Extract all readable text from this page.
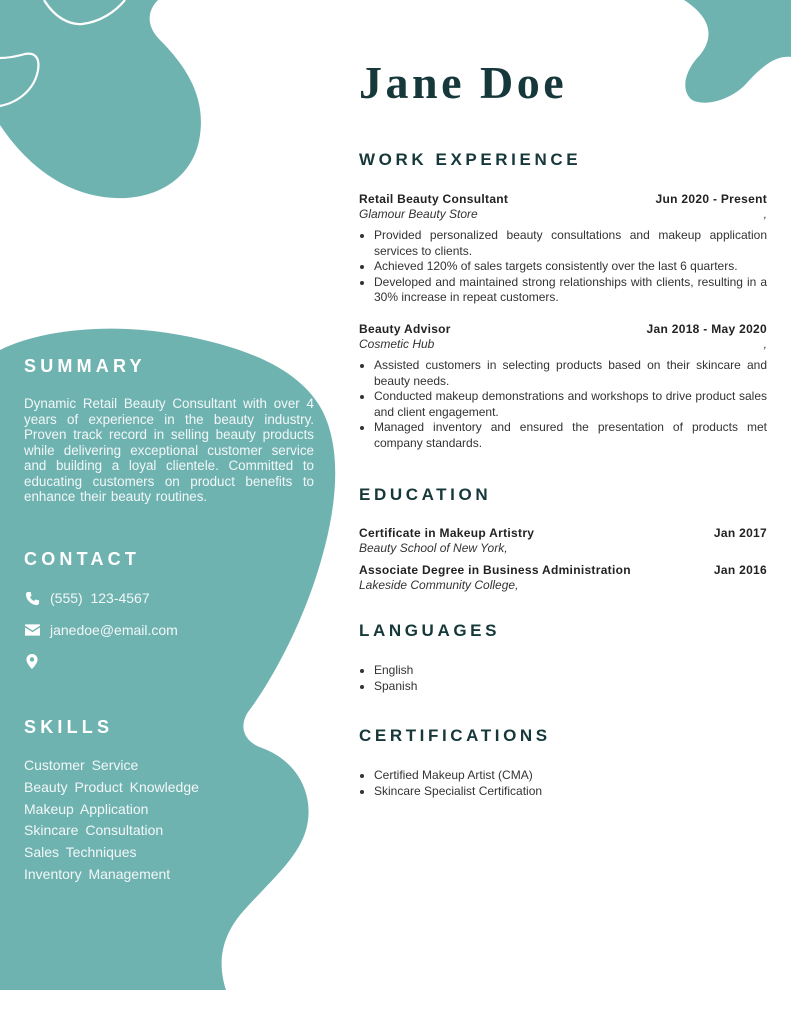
SUMMARY

Dynamic Retail Beauty Consultant with over 4 years of experience in the beauty industry. Proven track record in selling beauty products while delivering exceptional customer service and building a loyal clientele. Committed to educating customers on product benefits to enhance their beauty routines.

CONTACT
(555)  123-4567
janedoe@email.com
SKILLS
Customer Service
Beauty Product Knowledge
Makeup Application
Skincare Consultation
Sales Techniques
Inventory Management
Jane Doe
WORK EXPERIENCE
Retail Beauty Consultant	Jun 2020 - Present
Glamour Beauty Store	,
• Provided personalized beauty consultations and makeup application services to clients.
• Achieved 120% of sales targets consistently over the last 6 quarters.
• Developed and maintained strong relationships with clients, resulting in a 30% increase in repeat customers.
Beauty Advisor	Jan 2018 - May 2020
Cosmetic Hub	,
• Assisted customers in selecting products based on their skincare and beauty needs.
• Conducted makeup demonstrations and workshops to drive product sales and client engagement.
• Managed inventory and ensured the presentation of products met company standards.
EDUCATION
Certificate in Makeup Artistry	Jan 2017
Beauty School of New York,
Associate Degree in Business Administration	Jan 2016
Lakeside Community College,
LANGUAGES
• English
• Spanish
CERTIFICATIONS
• Certified Makeup Artist (CMA)
• Skincare Specialist Certification
